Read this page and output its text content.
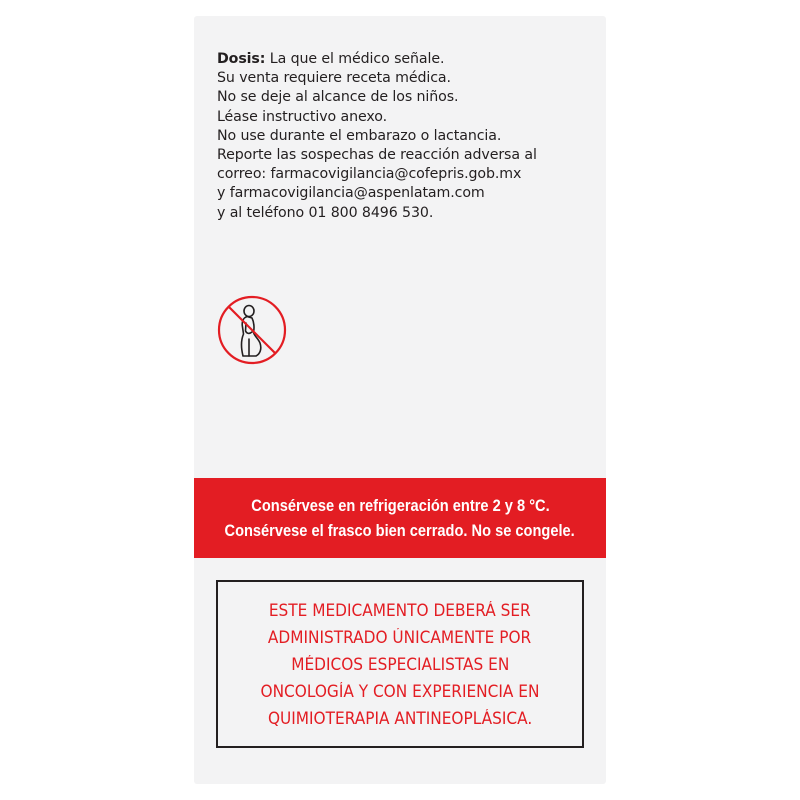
Dosis: La que el médico señale.
Su venta requiere receta médica.
No se deje al alcance de los niños.
Léase instructivo anexo.
No use durante el embarazo o lactancia.
Reporte las sospechas de reacción adversa al
correo: farmacovigilancia@cofepris.gob.mx
y farmacovigilancia@aspenlatam.com
y al teléfono 01 800 8496 530.
Consérvese en refrigeración entre 2 y 8 °C.
Consérvese el frasco bien cerrado. No se congele.
ESTE MEDICAMENTO DEBERÁ SER
ADMINISTRADO ÚNICAMENTE POR
MÉDICOS ESPECIALISTAS EN
ONCOLOGÍA Y CON EXPERIENCIA EN
QUIMIOTERAPIA ANTINEOPLÁSICA.
